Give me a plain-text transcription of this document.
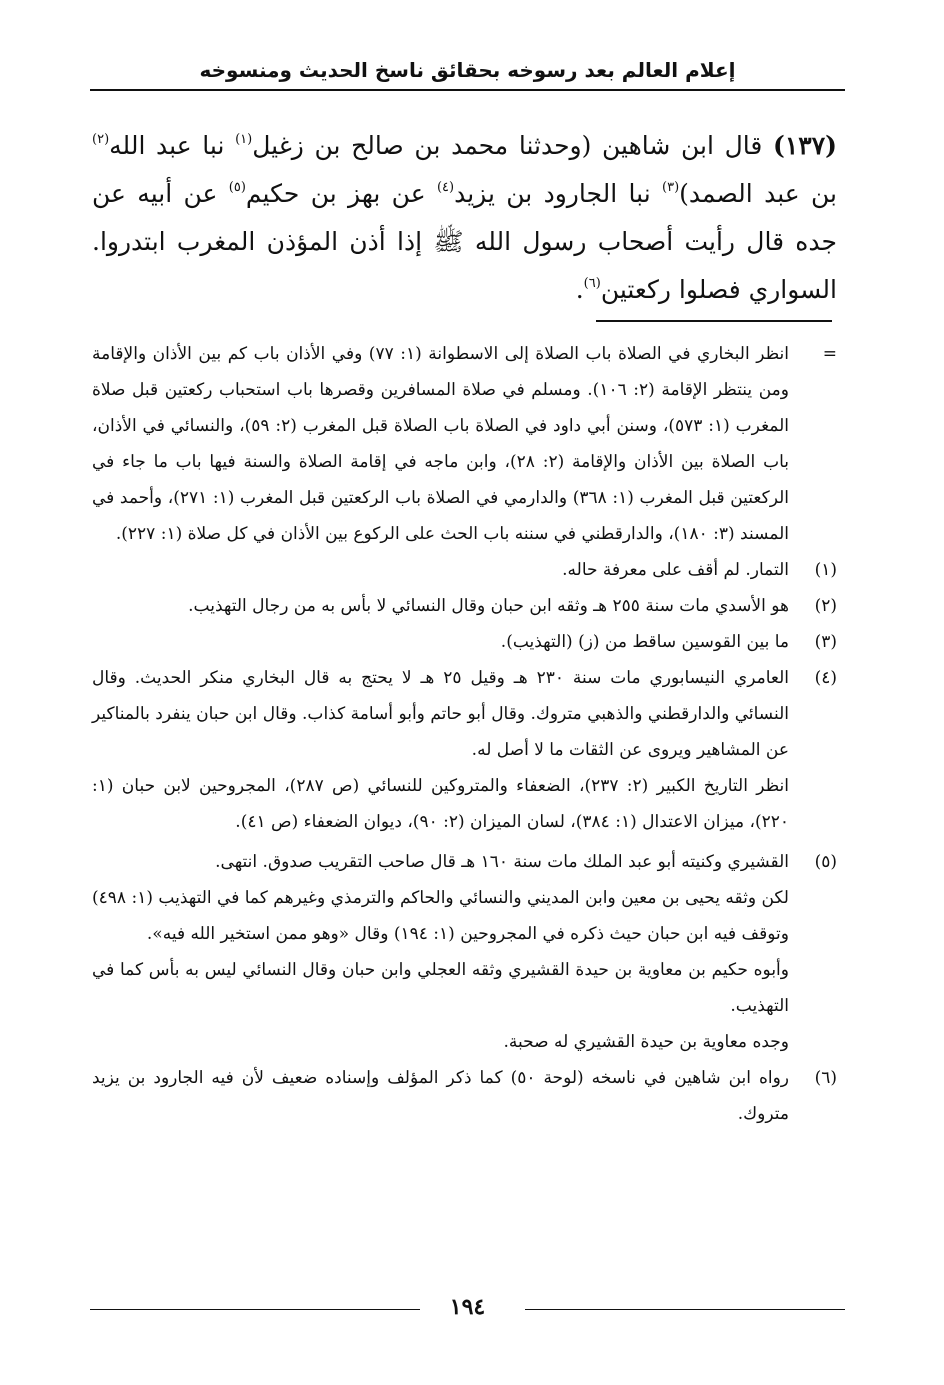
إعلام العالم بعد رسوخه بحقائق ناسخ الحديث ومنسوخه
(١٣٧) قال ابن شاهين (وحدثنا محمد بن صالح بن زغيل$^{(١)}$ نبا عبد الله$^{(٢)}$ بن عبد الصمد)$^{(٣)}$ نبا الجارود بن يزيد$^{(٤)}$ عن بهز بن حكيم$^{(٥)}$ عن أبيه عن جده قال رأيت أصحاب رسول الله ﷺ إذا أذن المؤذن المغرب ابتدروا. السواري فصلوا ركعتين$^{(٦)}$.
=
انظر البخاري في الصلاة باب الصلاة إلى الاسطوانة (١: ٧٧) وفي الأذان باب كم بين الأذان والإقامة ومن ينتظر الإقامة (٢: ١٠٦). ومسلم في صلاة المسافرين وقصرها باب استحباب ركعتين قبل صلاة المغرب (١: ٥٧٣)، وسنن أبي داود في الصلاة باب الصلاة قبل المغرب (٢: ٥٩)، والنسائي في الأذان، باب الصلاة بين الأذان والإقامة (٢: ٢٨)، وابن ماجه في إقامة الصلاة والسنة فيها باب ما جاء في الركعتين قبل المغرب (١: ٣٦٨) والدارمي في الصلاة باب الركعتين قبل المغرب (١: ٢٧١)، وأحمد في المسند (٣: ١٨٠)، والدارقطني في سننه باب الحث على الركوع بين الأذان في كل صلاة (١: ٢٢٧).
(١)
التمار. لم أقف على معرفة حاله.
(٢)
هو الأسدي مات سنة ٢٥٥ هـ وثقه ابن حبان وقال النسائي لا بأس به من رجال التهذيب.
(٣)
ما بين القوسين ساقط من (ز) (التهذيب).
(٤)
العامري النيسابوري مات سنة ٢٣٠ هـ وقيل ٢٥ هـ لا يحتج به قال البخاري منكر الحديث. وقال النسائي والدارقطني والذهبي متروك. وقال أبو حاتم وأبو أسامة كذاب. وقال ابن حبان ينفرد بالمناكير عن المشاهير ويروى عن الثقات ما لا أصل له.
انظر التاريخ الكبير (٢: ٢٣٧)، الضعفاء والمتروكين للنسائي (ص ٢٨٧)، المجروحين لابن حبان (١: ٢٢٠)، ميزان الاعتدال (١: ٣٨٤)، لسان الميزان (٢: ٩٠)، ديوان الضعفاء (ص ٤١).
(٥)
القشيري وكنيته أبو عبد الملك مات سنة ١٦٠ هـ قال صاحب التقريب صدوق. انتهى.
لكن وثقه يحيى بن معين وابن المديني والنسائي والحاكم والترمذي وغيرهم كما في التهذيب (١: ٤٩٨) وتوقف فيه ابن حبان حيث ذكره في المجروحين (١: ١٩٤) وقال «وهو ممن استخير الله فيه».
وأبوه حكيم بن معاوية بن حيدة القشيري وثقه العجلي وابن حبان وقال النسائي ليس به بأس كما في التهذيب.
وجده معاوية بن حيدة القشيري له صحبة.
(٦)
رواه ابن شاهين في ناسخه (لوحة ٥٠) كما ذكر المؤلف وإسناده ضعيف لأن فيه الجارود بن يزيد متروك.
١٩٤
